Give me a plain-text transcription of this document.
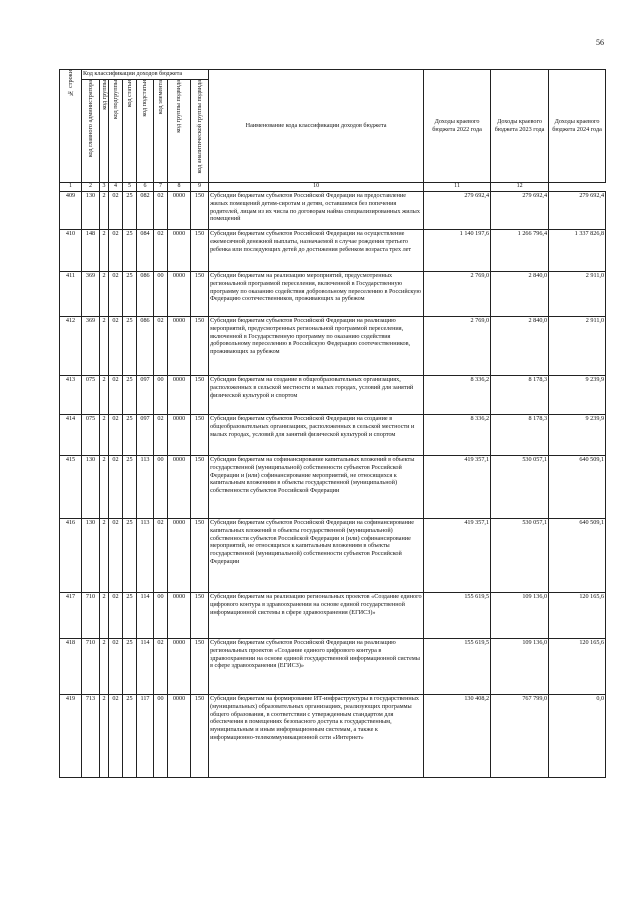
56
№ строки	Код классификации доходов бюджета								Наименование кода классификации доходов бюджета	Доходы краевого бюджета 2022 года	Доходы краевого бюджета 2023 года	Доходы краевого бюджета 2024 года
	код главного администратора	код группы	код подгруппы	код статьи	код подстатьи	код элемента	код группы подвида	код аналитической группы подвида				
1	2	3	4	5	6	7	8	9	10	11	12	
409	130	2	02	25	082	02	0000	150	Субсидии бюджетам субъектов Российской Федерации на предоставление жилых помещений детям-сиротам и детям, оставшимся без попечения родителей, лицам из их числа по договорам найма специализированных жилых помещений	279 692,4	279 692,4	279 692,4
410	148	2	02	25	084	02	0000	150	Субсидии бюджетам субъектов Российской Федерации на осуществление ежемесячной денежной выплаты, назначаемой в случае рождения третьего ребенка или последующих детей до достижения ребенком возраста трех лет	1 140 197,6	1 266 796,4	1 337 826,8
411	369	2	02	25	086	00	0000	150	Субсидии бюджетам на реализацию мероприятий, предусмотренных региональной программой переселения, включенной в Государственную программу по оказанию содействия добровольному переселению в Российскую Федерацию соотечественников, проживающих за рубежом	2 769,0	2 840,0	2 911,0
412	369	2	02	25	086	02	0000	150	Субсидии бюджетам субъектов Российской Федерации на реализацию мероприятий, предусмотренных региональной программой переселения, включенной в Государственную программу по оказанию содействия добровольному переселению в Российскую Федерацию соотечественников, проживающих за рубежом	2 769,0	2 840,0	2 911,0
413	075	2	02	25	097	00	0000	150	Субсидии бюджетам на создание в общеобразовательных организациях, расположенных в сельской местности и малых городах, условий для занятий физической культурой и спортом	8 336,2	8 178,3	9 239,9
414	075	2	02	25	097	02	0000	150	Субсидии бюджетам субъектов Российской Федерации на создание в общеобразовательных организациях, расположенных в сельской местности и малых городах, условий для занятий физической культурой и спортом	8 336,2	8 178,3	9 239,9
415	130	2	02	25	113	00	0000	150	Субсидии бюджетам на софинансирование капитальных вложений в объекты государственной (муниципальной) собственности субъектов Российской Федерации и (или) софинансирование мероприятий, не относящихся к капитальным вложениям в объекты государственной (муниципальной) собственности субъектов Российской Федерации	419 357,1	530 057,1	640 509,1
416	130	2	02	25	113	02	0000	150	Субсидии бюджетам субъектов Российской Федерации на софинансирование капитальных вложений в объекты государственной (муниципальной) собственности субъектов Российской Федерации и (или) софинансирование мероприятий, не относящихся к капитальным вложениям в объекты государственной (муниципальной) собственности субъектов Российской Федерации	419 357,1	530 057,1	640 509,1
417	710	2	02	25	114	00	0000	150	Субсидии бюджетам на реализацию региональных проектов «Создание единого цифрового контура в здравоохранении на основе единой государственной информационной системы в сфере здравоохранения (ЕГИСЗ)»	155 619,5	109 136,0	120 165,6
418	710	2	02	25	114	02	0000	150	Субсидии бюджетам субъектов Российской Федерации на реализацию региональных проектов «Создание единого цифрового контура в здравоохранении на основе единой государственной информационной системы в сфере здравоохранения (ЕГИСЗ)»	155 619,5	109 136,0	120 165,6
419	713	2	02	25	117	00	0000	150	Субсидии бюджетам на формирование ИТ-инфраструктуры в государственных (муниципальных) образовательных организациях, реализующих программы общего образования, в соответствии с утвержденным стандартом для обеспечения в помещениях безопасного доступа к государственным, муниципальным и иным информационным системам, а также к информационно-телекоммуникационной сети «Интернет»	130 408,2	767 799,0	0,0
